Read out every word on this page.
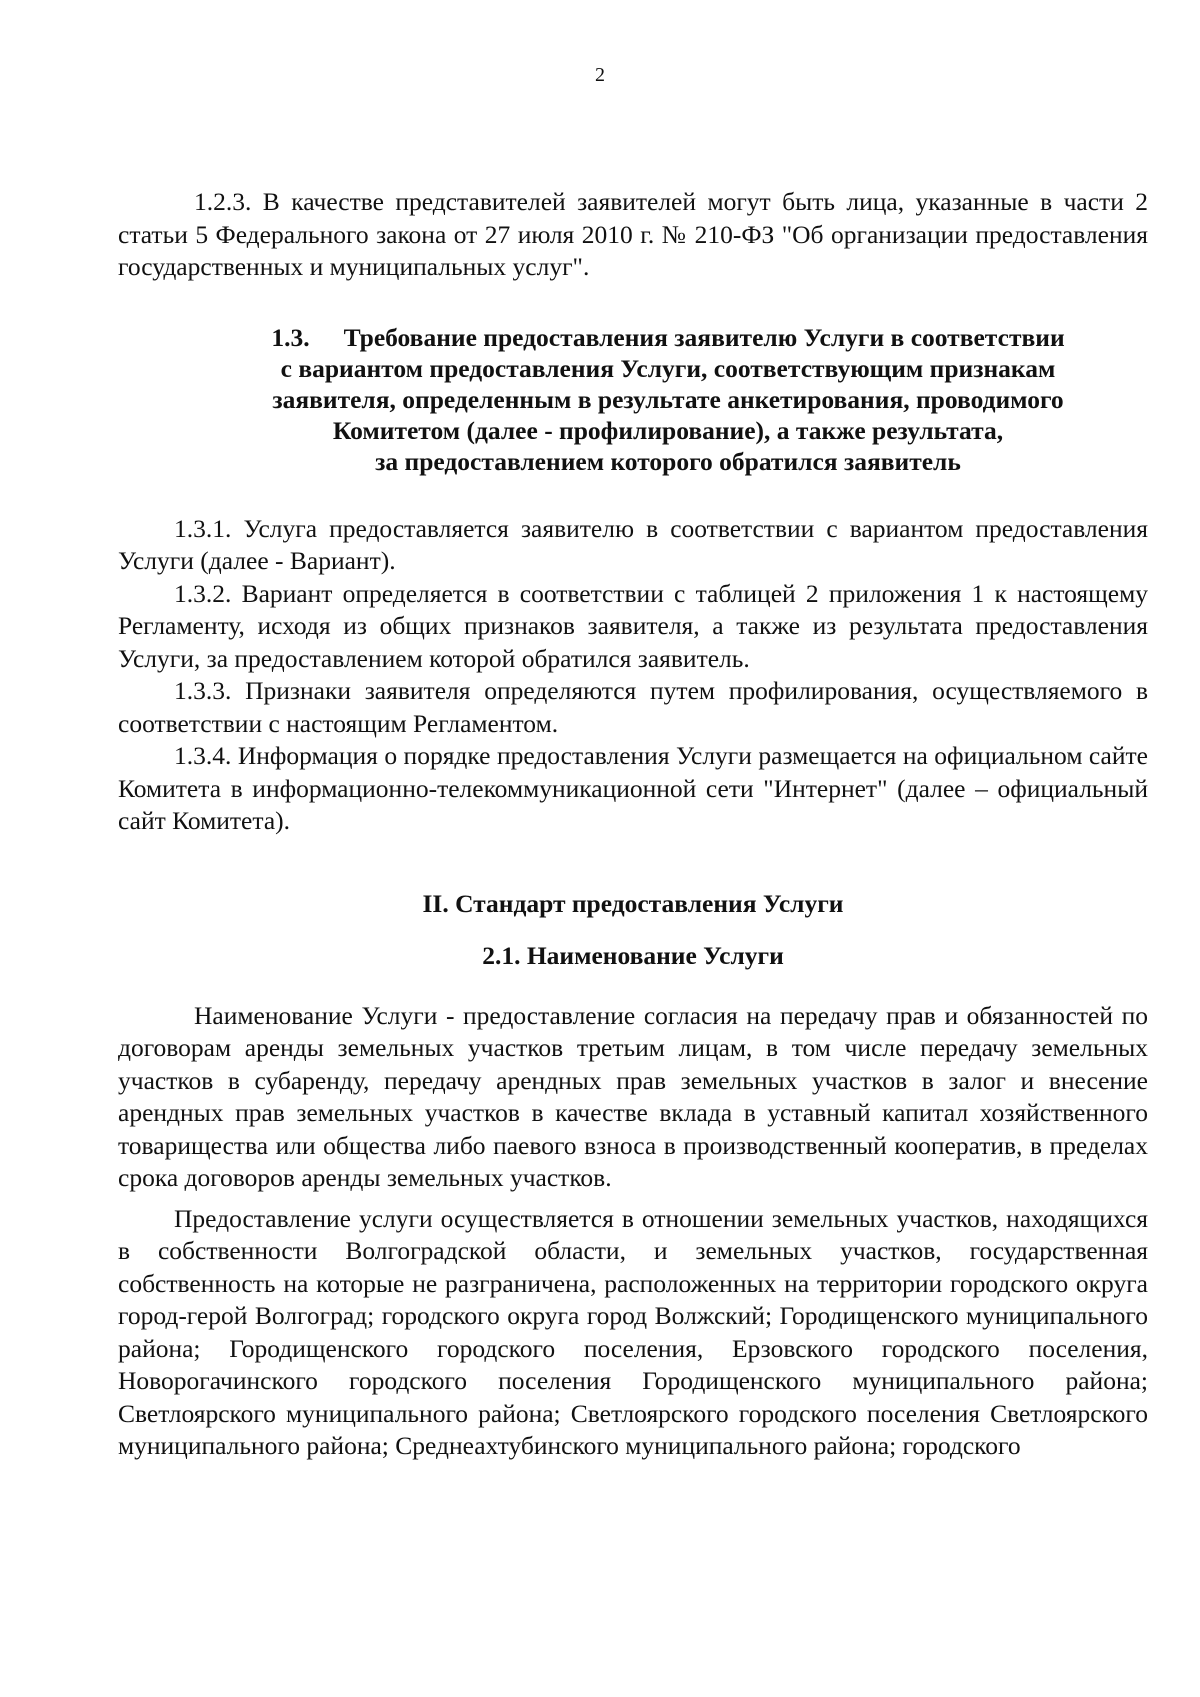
2

1.2.3. В качестве представителей заявителей могут быть лица, указанные в части 2 статьи 5 Федерального закона от 27 июля 2010 г. № 210-ФЗ "Об организации предоставления государственных и муниципальных услуг".

1.3. Требование предоставления заявителю Услуги в соответствии
с вариантом предоставления Услуги, соответствующим признакам
заявителя, определенным в результате анкетирования, проводимого
Комитетом (далее - профилирование), а также результата,
за предоставлением которого обратился заявитель

1.3.1. Услуга предоставляется заявителю в соответствии с вариантом предоставления Услуги (далее - Вариант).

1.3.2. Вариант определяется в соответствии с таблицей 2 приложения 1 к настоящему Регламенту, исходя из общих признаков заявителя, а также из результата предоставления Услуги, за предоставлением которой обратился заявитель.

1.3.3. Признаки заявителя определяются путем профилирования, осуществляемого в соответствии с настоящим Регламентом.

1.3.4. Информация о порядке предоставления Услуги размещается на официальном сайте Комитета в информационно-телекоммуникационной сети "Интернет" (далее – официальный сайт Комитета).

II. Стандарт предоставления Услуги
2.1. Наименование Услуги

Наименование Услуги - предоставление согласия на передачу прав и обязанностей по договорам аренды земельных участков третьим лицам, в том числе передачу земельных участков в субаренду, передачу арендных прав земельных участков в залог и внесение арендных прав земельных участков в качестве вклада в уставный капитал хозяйственного товарищества или общества либо паевого взноса в производственный кооператив, в пределах срока договоров аренды земельных участков.

Предоставление услуги осуществляется в отношении земельных участков, находящихся в собственности Волгоградской области, и земельных участков, государственная собственность на которые не разграничена, расположенных на территории городского округа город-герой Волгоград; городского округа город Волжский; Городищенского муниципального района; Городищенского городского поселения, Ерзовского городского поселения, Новорогачинского городского поселения Городищенского муниципального района; Светлоярского муниципального района; Светлоярского городского поселения Светлоярского муниципального района; Среднеахтубинского муниципального района; городского
